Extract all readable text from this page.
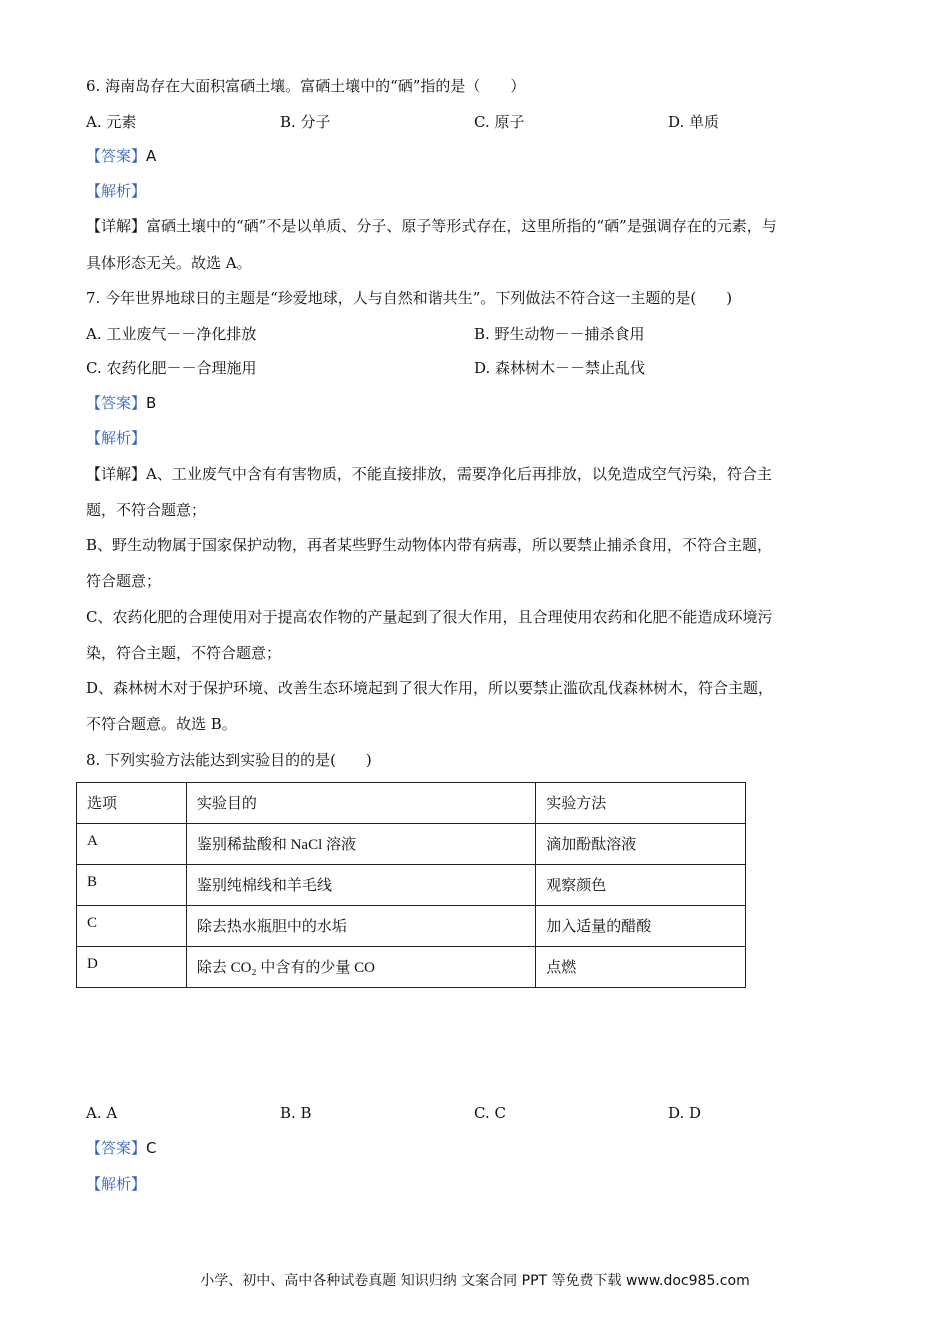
6. 海南岛存在大面积富硒土壤。富硒土壤中的“硒”指的是（　　）
A. 元素	B. 分子	C. 原子	D. 单质
【答案】A
【解析】
【详解】富硒土壤中的“硒”不是以单质、分子、原子等形式存在，这里所指的“硒”是强调存在的元素，与
具体形态无关。故选 A。
7. 今年世界地球日的主题是“珍爱地球，人与自然和谐共生”。下列做法不符合这一主题的是(　　)
A. 工业废气－－净化排放	B. 野生动物－－捕杀食用
C. 农药化肥－－合理施用	D. 森林树木－－禁止乱伐
【答案】B
【解析】
【详解】A、工业废气中含有有害物质，不能直接排放，需要净化后再排放，以免造成空气污染，符合主
题，不符合题意；
B、野生动物属于国家保护动物，再者某些野生动物体内带有病毒，所以要禁止捕杀食用，不符合主题，
符合题意；
C、农药化肥的合理使用对于提高农作物的产量起到了很大作用，且合理使用农药和化肥不能造成环境污
染，符合主题，不符合题意；
D、森林树木对于保护环境、改善生态环境起到了很大作用，所以要禁止滥砍乱伐森林树木，符合主题，
不符合题意。故选 B。
8. 下列实验方法能达到实验目的的是(　　)
选项	实验目的	实验方法
A	鉴别稀盐酸和 NaCl 溶液	滴加酚酞溶液
B	鉴别纯棉线和羊毛线	观察颜色
C	除去热水瓶胆中的水垢	加入适量的醋酸
D	除去 CO₂ 中含有的少量 CO	点燃
A. A	B. B	C. C	D. D
【答案】C
【解析】
小学、初中、高中各种试卷真题 知识归纳 文案合同 PPT 等免费下载 www.doc985.com
